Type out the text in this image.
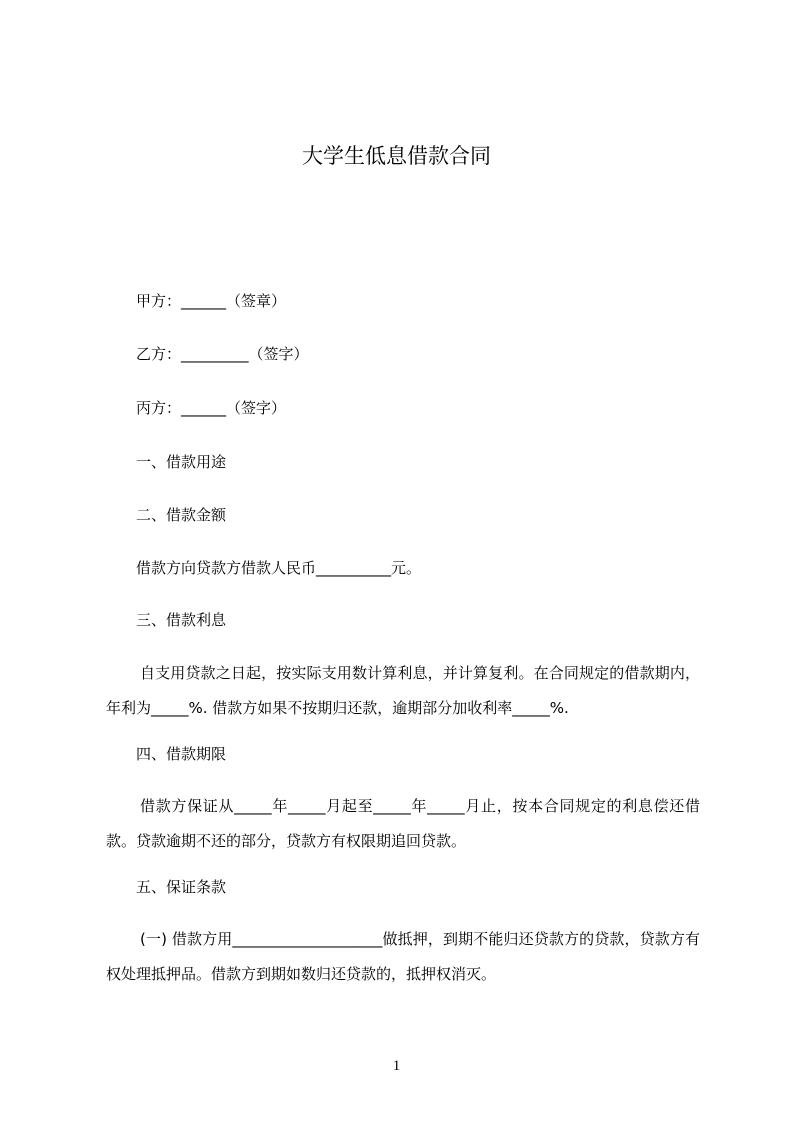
大学生低息借款合同
甲方：______（签章）
乙方：_________（签字）
丙方：______（签字）
一、借款用途
二、借款金额
借款方向贷款方借款人民币__________元。
三、借款利息
自支用贷款之日起，按实际支用数计算利息，并计算复利。在合同规定的借款期内，年利为_____%. 借款方如果不按期归还款，逾期部分加收利率_____%.
四、借款期限
借款方保证从_____年_____月起至_____年_____月止，按本合同规定的利息偿还借款。贷款逾期不还的部分，贷款方有权限期追回贷款。
五、保证条款
(一) 借款方用____________________做抵押，到期不能归还贷款方的贷款，贷款方有权处理抵押品。借款方到期如数归还贷款的，抵押权消灭。
1
